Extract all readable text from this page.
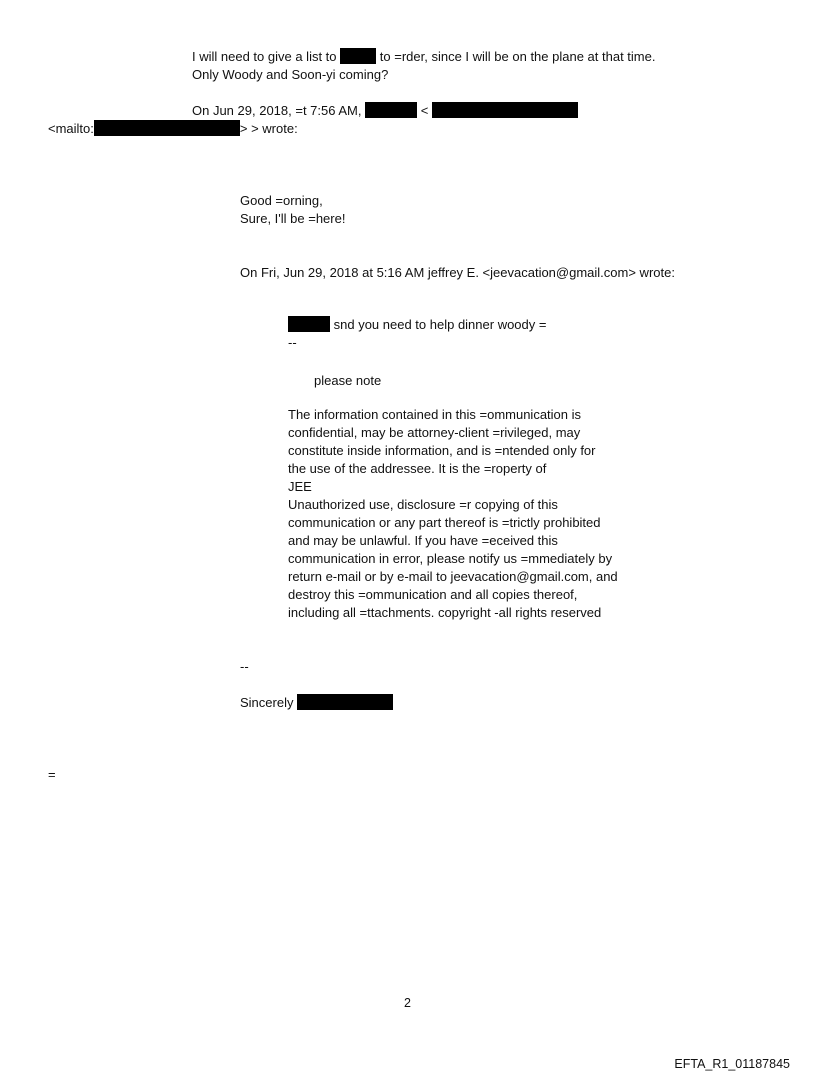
I will need to give a list to	to =rder, since I will be on the plane at that time.
Only Woody and Soon-yi coming?
On Jun 29, 2018, =t 7:56 AM,	<
<mailto:	> > wrote:
Good =orning,
Sure, I'll be =here!
On Fri, Jun 29, 2018 at 5:16 AM jeffrey E. <jeevacation@gmail.com> wrote:
snd you need to help dinner woody =
--
please note
The information contained in this =ommunication is
confidential, may be attorney-client =rivileged, may
constitute inside information, and is =ntended only for
the use of the addressee. It is the =roperty of
JEE
Unauthorized use, disclosure =r copying of this
communication or any part thereof is =trictly prohibited
and may be unlawful. If you have =eceived this
communication in error, please notify us =mmediately by
return e-mail or by e-mail to jeevacation@gmail.com, and
destroy this =ommunication and all copies thereof,
including all =ttachments. copyright -all rights reserved
--
Sincerely
=
2
EFTA_R1_01187845
